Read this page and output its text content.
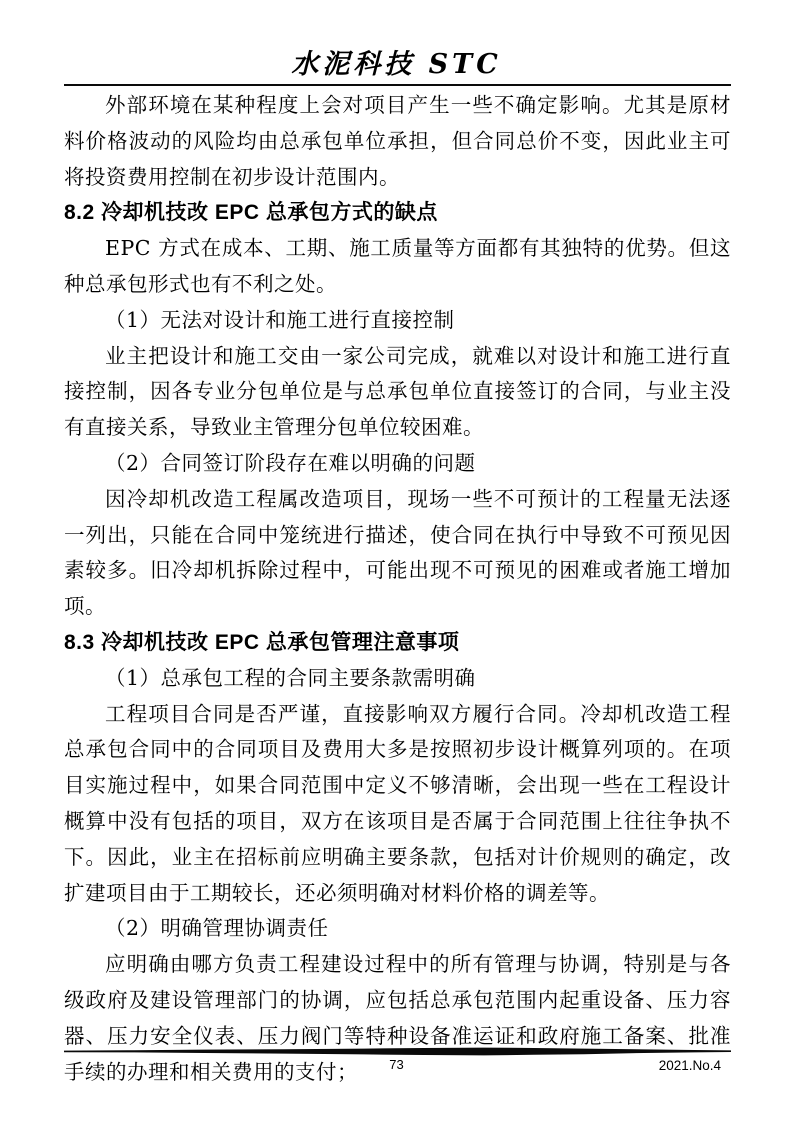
水泥科技 STC

外部环境在某种程度上会对项目产生一些不确定影响。尤其是原材料价格波动的风险均由总承包单位承担，但合同总价不变，因此业主可将投资费用控制在初步设计范围内。

8.2 冷却机技改 EPC 总承包方式的缺点

EPC 方式在成本、工期、施工质量等方面都有其独特的优势。但这种总承包形式也有不利之处。

（1）无法对设计和施工进行直接控制

业主把设计和施工交由一家公司完成，就难以对设计和施工进行直接控制，因各专业分包单位是与总承包单位直接签订的合同，与业主没有直接关系，导致业主管理分包单位较困难。

（2）合同签订阶段存在难以明确的问题

因冷却机改造工程属改造项目，现场一些不可预计的工程量无法逐一列出，只能在合同中笼统进行描述，使合同在执行中导致不可预见因素较多。旧冷却机拆除过程中，可能出现不可预见的困难或者施工增加项。

8.3 冷却机技改 EPC 总承包管理注意事项

（1）总承包工程的合同主要条款需明确

工程项目合同是否严谨，直接影响双方履行合同。冷却机改造工程总承包合同中的合同项目及费用大多是按照初步设计概算列项的。在项目实施过程中，如果合同范围中定义不够清晰，会出现一些在工程设计概算中没有包括的项目，双方在该项目是否属于合同范围上往往争执不下。因此，业主在招标前应明确主要条款，包括对计价规则的确定，改扩建项目由于工期较长，还必须明确对材料价格的调差等。

（2）明确管理协调责任

应明确由哪方负责工程建设过程中的所有管理与协调，特别是与各级政府及建设管理部门的协调，应包括总承包范围内起重设备、压力容器、压力安全仪表、压力阀门等特种设备准运证和政府施工备案、批准手续的办理和相关费用的支付；	73	2021.No.4
